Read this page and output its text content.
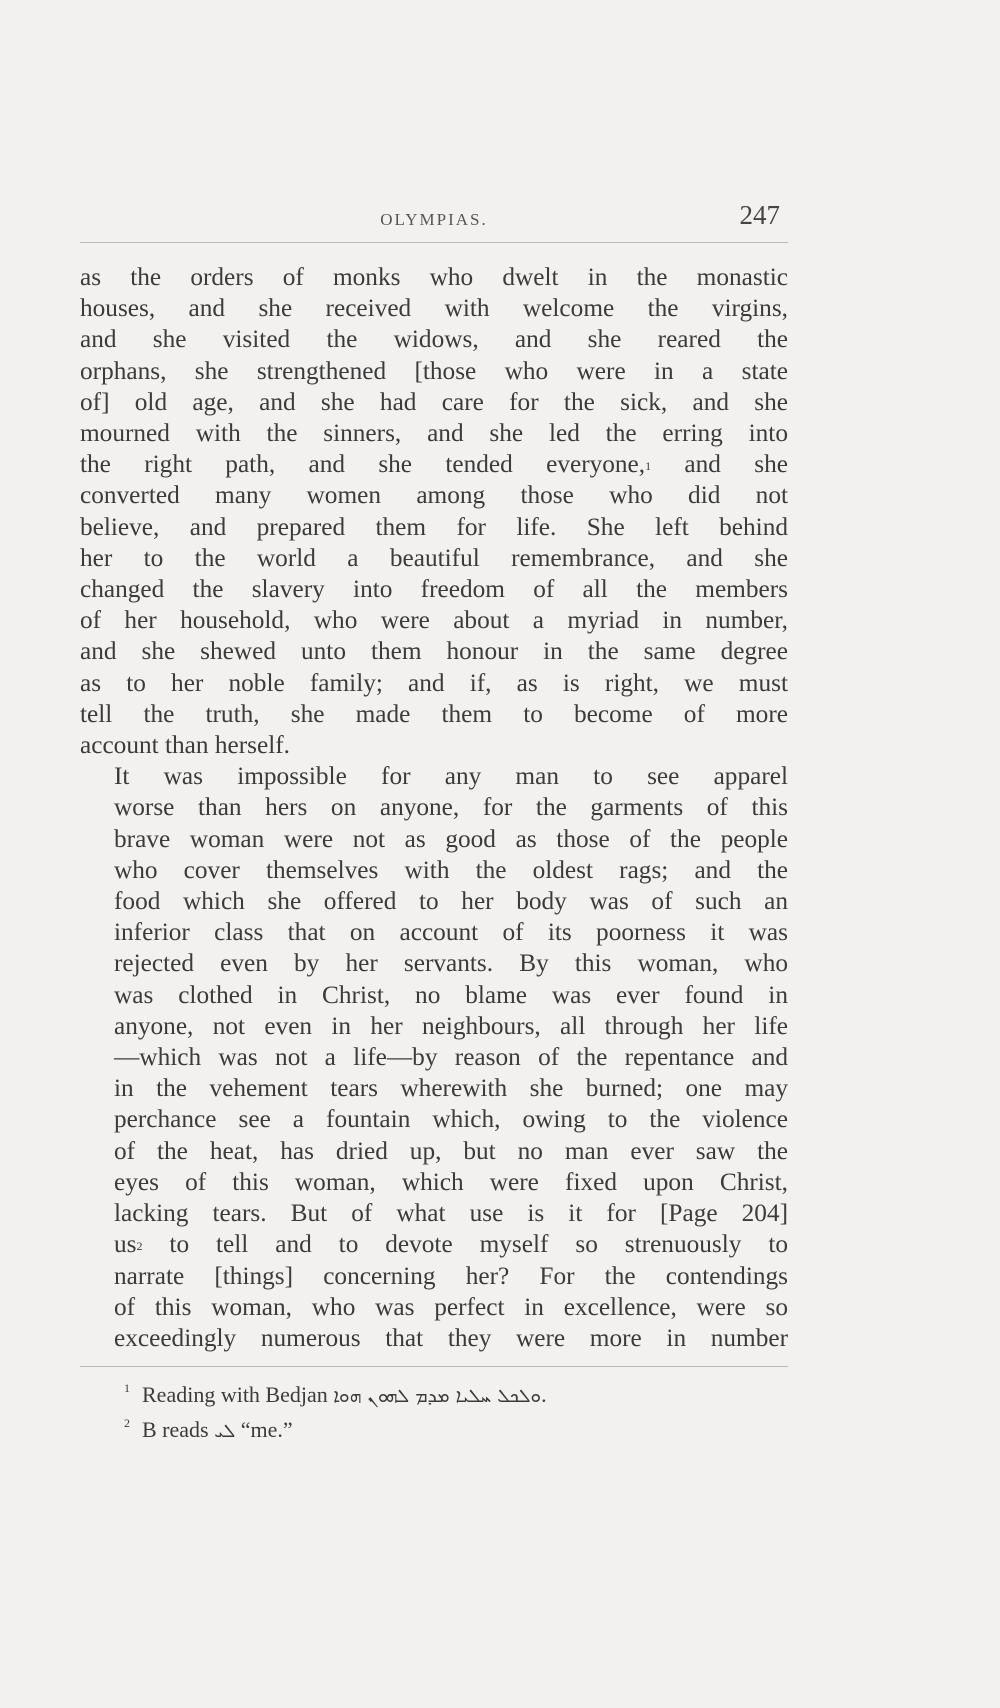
OLYMPIAS.	247

as the orders of monks who dwelt in the monastic
houses, and she received with welcome the virgins,
and she visited the widows, and she reared the
orphans, she strengthened [those who were in a state
of] old age, and she had care for the sick, and she
mourned with the sinners, and she led the erring into
the right path, and she tended everyone,$^1$ and she
converted many women among those who did not
believe, and prepared them for life. She left behind
her to the world a beautiful remembrance, and she
changed the slavery into freedom of all the members
of her household, who were about a myriad in number,
and she shewed unto them honour in the same degree
as to her noble family; and if, as is right, we must
tell the truth, she made them to become of more
account than herself.

It was impossible for any man to see apparel
worse than hers on anyone, for the garments of this
brave woman were not as good as those of the people
who cover themselves with the oldest rags; and the
food which she offered to her body was of such an
inferior class that on account of its poorness it was
rejected even by her servants. By this woman, who
was clothed in Christ, no blame was ever found in
anyone, not even in her neighbours, all through her life
—which was not a life—by reason of the repentance and
in the vehement tears wherewith she burned; one may
perchance see a fountain which, owing to the violence
of the heat, has dried up, but no man ever saw the
eyes of this woman, which were fixed upon Christ,
lacking tears. But of what use is it for [Page 204]
$us^2$ to tell and to devote myself so strenuously to
narrate [things] concerning her? For the contendings
of this woman, who was perfect in excellence, were so
exceedingly numerous that they were more in number

1 Reading with Bedjan ܘܠܟܠ ܚܠܝܐ ܡܕܡ ܠܗܘܢ ܗܘܐ.
2 B reads ܠܝ “me.”
